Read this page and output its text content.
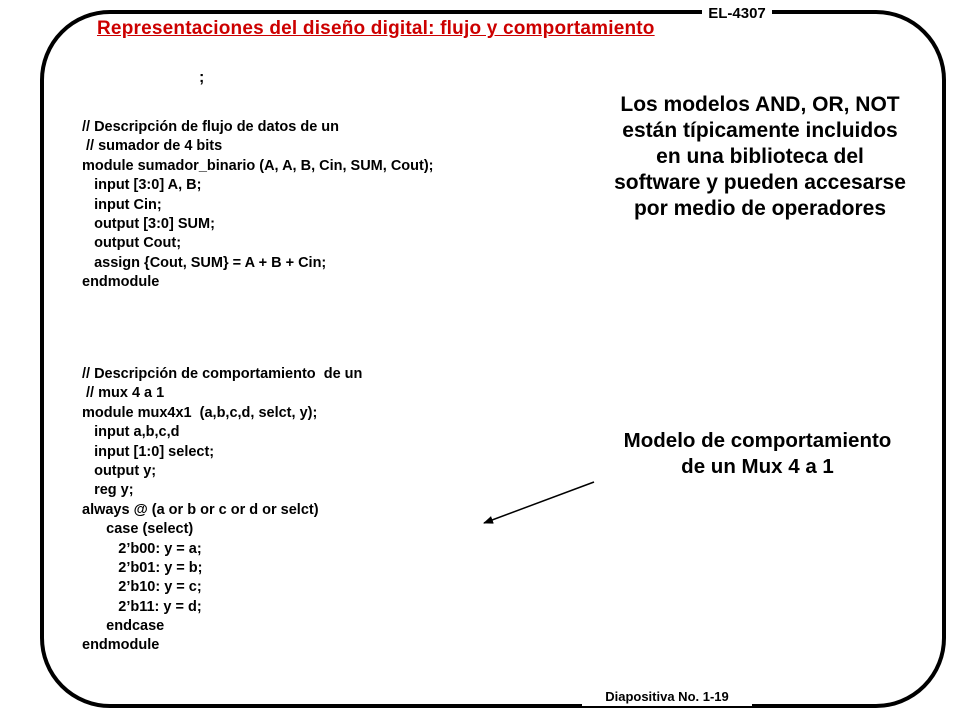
EL-4307
Representaciones del diseño digital: flujo y comportamiento
;
// Descripción de flujo de datos de un
// sumador de 4 bits
module sumador_binario (A, A, B, Cin, SUM, Cout);
input [3:0] A, B;
input Cin;
output [3:0] SUM;
output Cout;
assign {Cout, SUM} = A + B + Cin;
endmodule
// Descripción de comportamiento  de un
// mux 4 a 1
module mux4x1  (a,b,c,d, selct, y);
input a,b,c,d
input [1:0] select;
output y;
reg y;
always @ (a or b or c or d or selct)
case (select)
2’b00: y = a;
2’b01: y = b;
2’b10: y = c;
2’b11: y = d;
endcase
endmodule
Los modelos AND, OR, NOT
están típicamente incluidos
en una biblioteca del
software y pueden accesarse
por medio de operadores
Modelo de comportamiento
de un Mux 4 a 1
Diapositiva No. 1-19
